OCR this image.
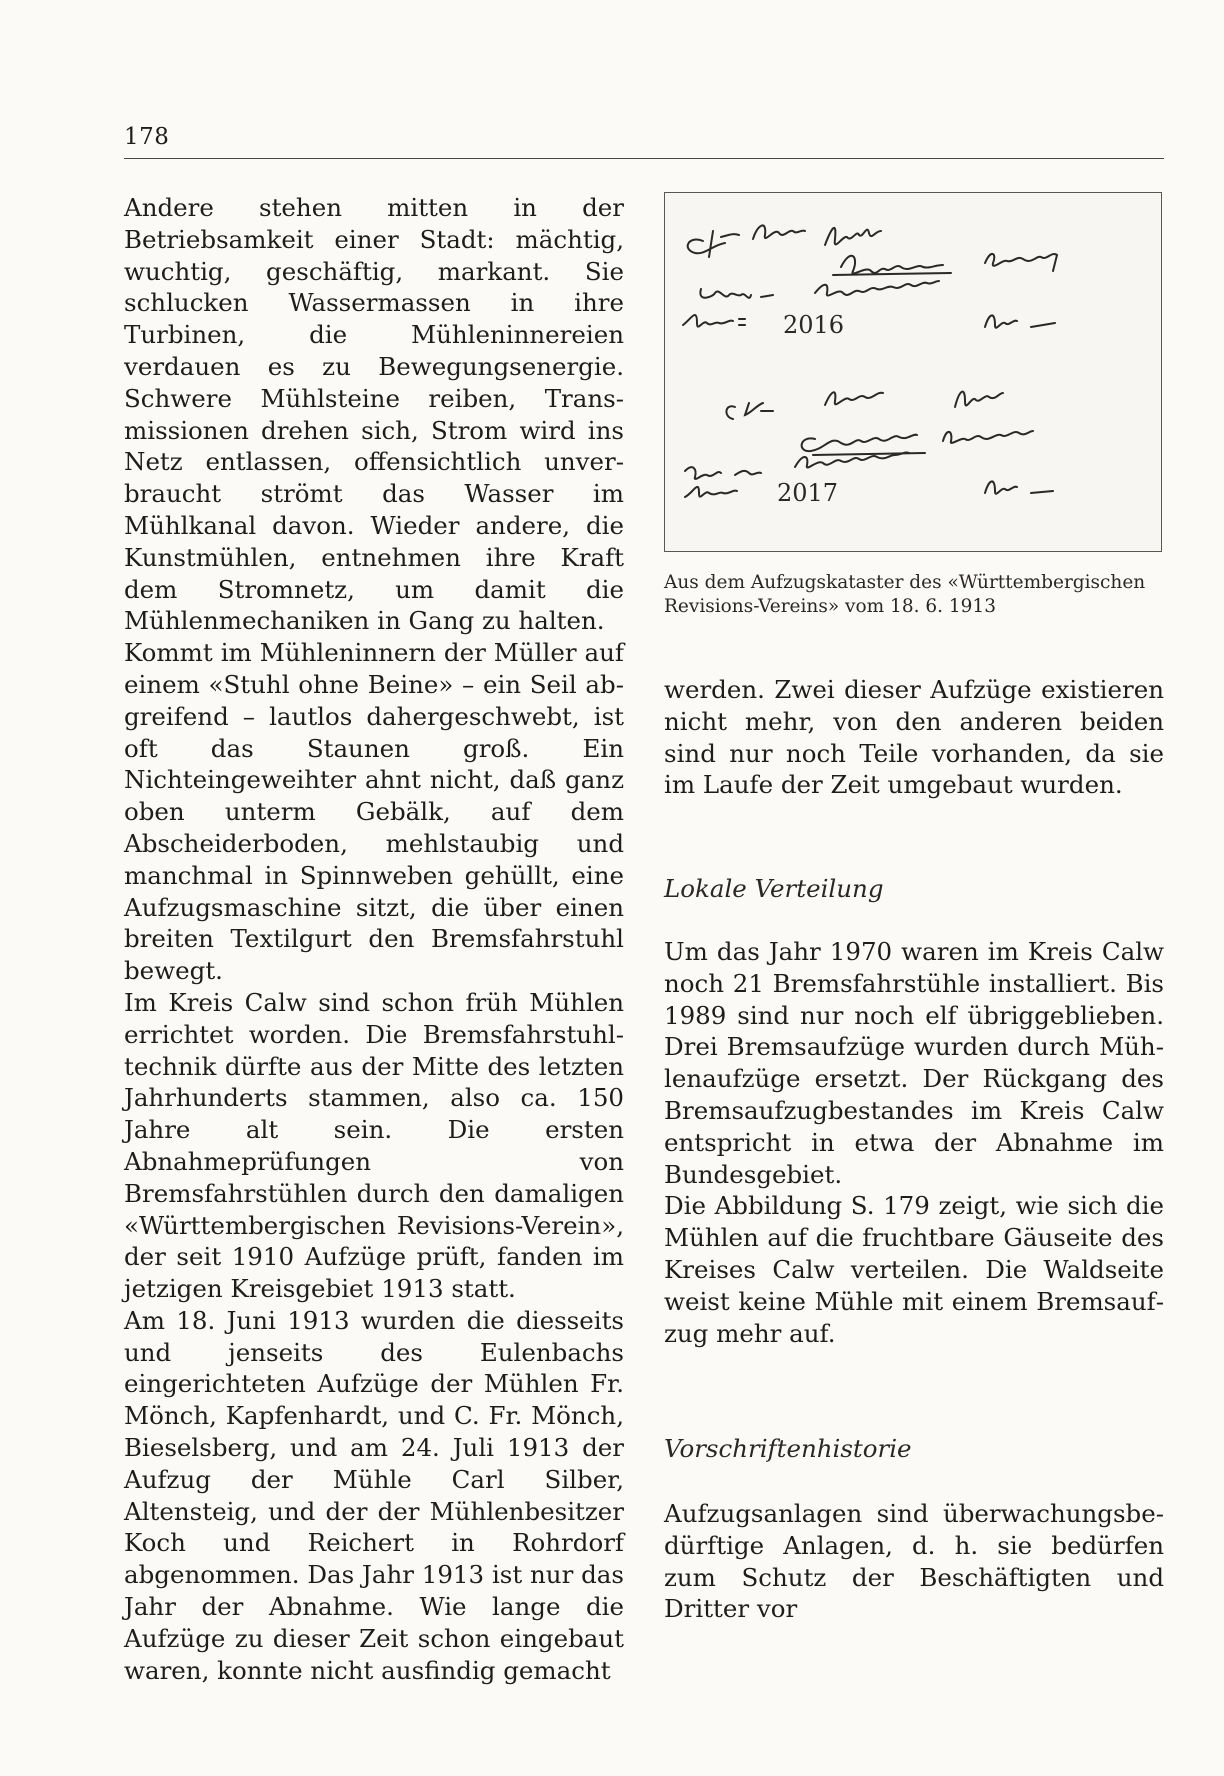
178

Andere stehen mitten in der Betriebsamkeit einer Stadt: mächtig, wuchtig, geschäftig, markant. Sie schlucken Wassermassen in ihre Turbinen, die Mühleninnereien verdauen es zu Bewegungsenergie. Schwere Mühlsteine reiben, Transmissionen drehen sich, Strom wird ins Netz entlassen, offensichtlich unverbraucht strömt das Wasser im Mühlkanal davon. Wieder andere, die Kunstmühlen, entnehmen ihre Kraft dem Stromnetz, um damit die Mühlenmechaniken in Gang zu halten.

Kommt im Mühleninnern der Müller auf einem «Stuhl ohne Beine» – ein Seil abgreifend – lautlos dahergeschwebt, ist oft das Staunen groß. Ein Nichteingeweihter ahnt nicht, daß ganz oben unterm Gebälk, auf dem Abscheiderboden, mehlstaubig und manchmal in Spinnweben gehüllt, eine Aufzugsmaschine sitzt, die über einen breiten Textilgurt den Bremsfahrstuhl bewegt.

Im Kreis Calw sind schon früh Mühlen errichtet worden. Die Bremsfahrstuhltechnik dürfte aus der Mitte des letzten Jahrhunderts stammen, also ca. 150 Jahre alt sein. Die ersten Abnahmeprüfungen von Bremsfahrstühlen durch den damaligen «Württembergischen Revisions-Verein», der seit 1910 Aufzüge prüft, fanden im jetzigen Kreisgebiet 1913 statt.

Am 18. Juni 1913 wurden die diesseits und jenseits des Eulenbachs eingerichteten Aufzüge der Mühlen Fr. Mönch, Kapfenhardt, und C. Fr. Mönch, Bieselsberg, und am 24. Juli 1913 der Aufzug der Mühle Carl Silber, Altensteig, und der der Mühlenbesitzer Koch und Reichert in Rohrdorf abgenommen. Das Jahr 1913 ist nur das Jahr der Abnahme. Wie lange die Aufzüge zu dieser Zeit schon eingebaut waren, konnte nicht ausfindig gemacht

2016
2017
Aus dem Aufzugskataster des «Württembergischen Revisions-Vereins» vom 18. 6. 1913

werden. Zwei dieser Aufzüge existieren nicht mehr, von den anderen beiden sind nur noch Teile vorhanden, da sie im Laufe der Zeit umgebaut wurden.

Lokale Verteilung

Um das Jahr 1970 waren im Kreis Calw noch 21 Bremsfahrstühle installiert. Bis 1989 sind nur noch elf übriggeblieben. Drei Bremsaufzüge wurden durch Mühlenaufzüge ersetzt. Der Rückgang des Bremsaufzugbestandes im Kreis Calw entspricht in etwa der Abnahme im Bundesgebiet.

Die Abbildung S. 179 zeigt, wie sich die Mühlen auf die fruchtbare Gäuseite des Kreises Calw verteilen. Die Waldseite weist keine Mühle mit einem Bremsaufzug mehr auf.

Vorschriftenhistorie

Aufzugsanlagen sind überwachungsbedürftige Anlagen, d. h. sie bedürfen zum Schutz der Beschäftigten und Dritter vor
